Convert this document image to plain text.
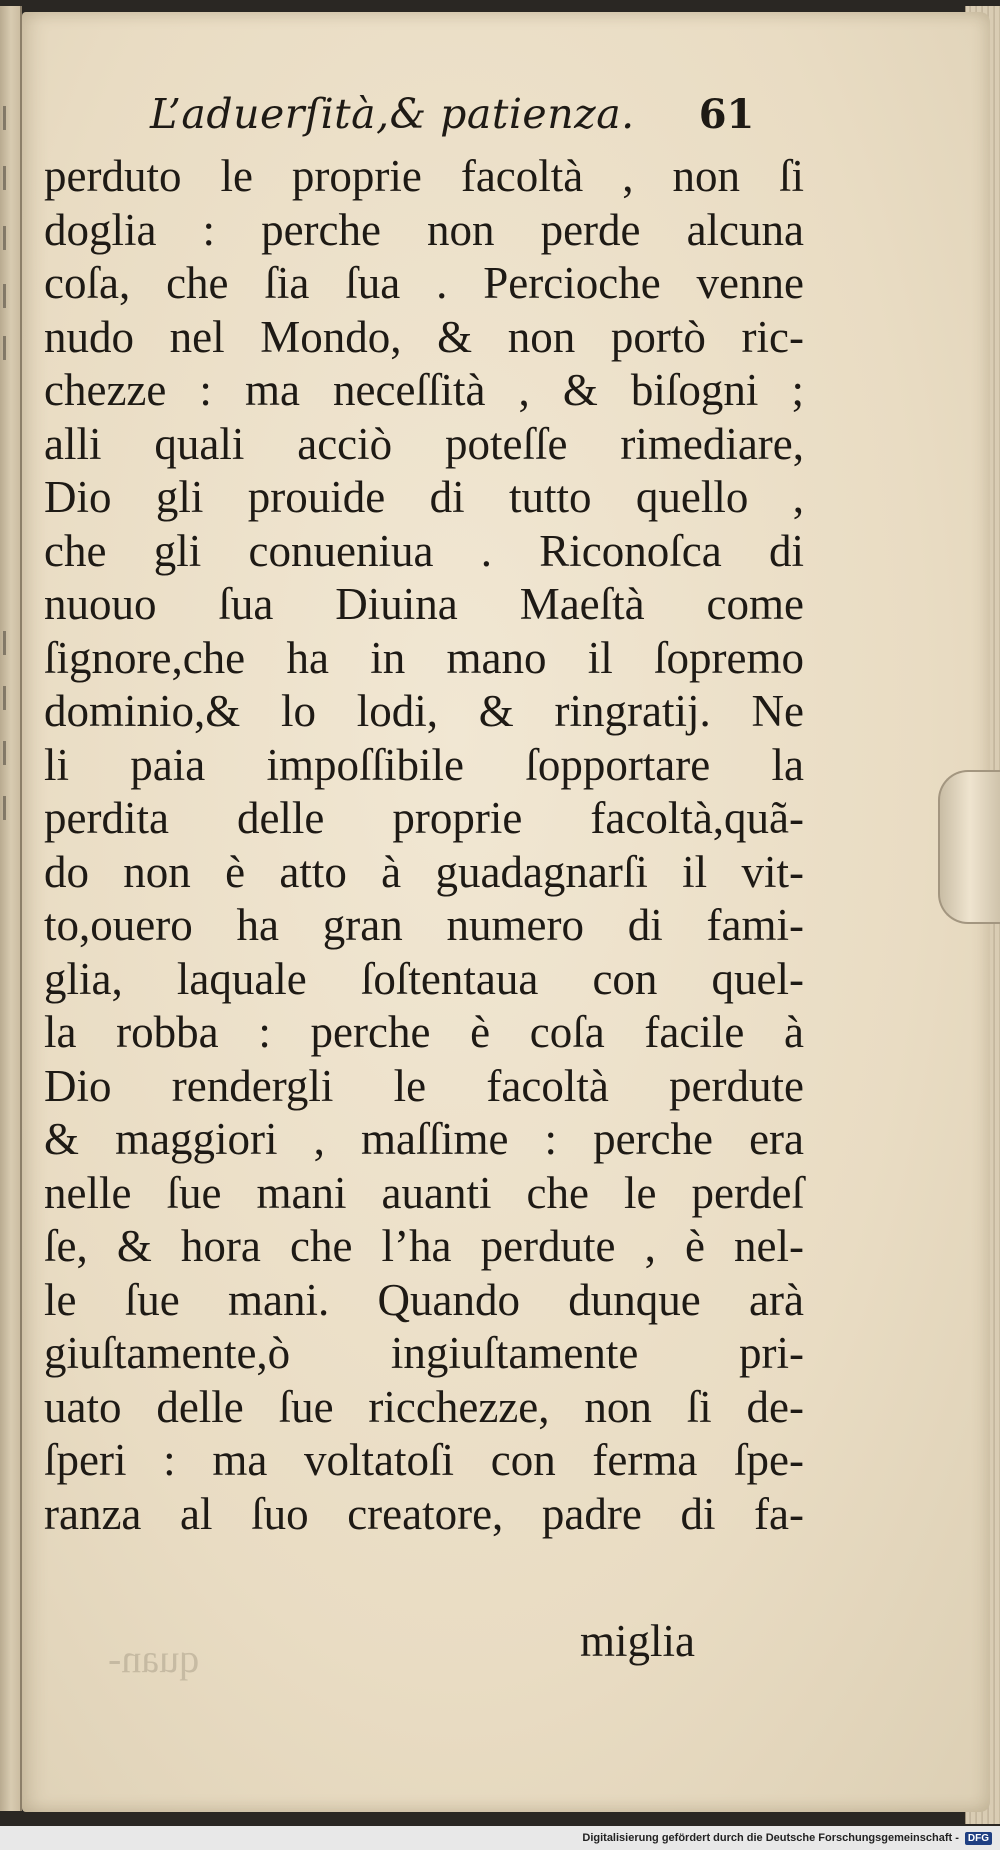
L’aduerſità,& patienza. 61
perduto le proprie facoltà , non ſi
doglia : perche non perde alcuna
coſa, che ſia ſua . Percioche venne
nudo nel Mondo, & non portò ric-
chezze : ma neceſſità , & biſogni ;
alli quali acciò poteſſe rimediare,
Dio gli prouide di tutto quello ,
che gli conueniua . Riconoſca di
nuouo ſua Diuina Maeſtà come
ſignore,che ha in mano il ſopremo
dominio,& lo lodi, & ringratij. Ne
li paia impoſſibile ſopportare la
perdita delle proprie facoltà,quã-
do non è atto à guadagnarſi il vit-
to,ouero ha gran numero di fami-
glia, laquale ſoſtentaua con quel-
la robba : perche è coſa facile à
Dio rendergli le facoltà perdute
& maggiori , maſſime : perche era
nelle ſue mani auanti che le perdeſ
ſe, & hora che l’ha perdute , è nel-
le ſue mani. Quando dunque arà
giuſtamente,ò ingiuſtamente pri-
uato delle ſue ricchezze, non ſi de-
ſperi : ma voltatoſi con ferma ſpe-
ranza al ſuo creatore, padre di fa-
miglia
quan-
Digitalisierung gefördert durch die Deutsche Forschungsgemeinschaft - DFG
